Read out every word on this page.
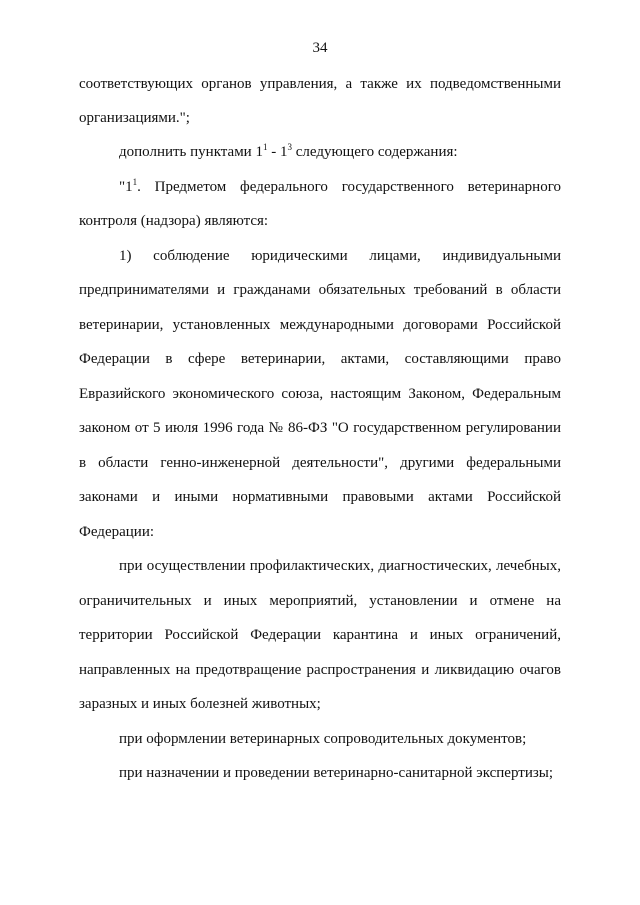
34
соответствующих органов управления, а также их подведомственными
организациями.";
дополнить пунктами $1^1 - 1^3$ следующего содержания:
"$1^1$. Предметом федерального государственного ветеринарного
контроля (надзора) являются:
1) соблюдение юридическими лицами, индивидуальными
предпринимателями и гражданами обязательных требований в области
ветеринарии, установленных международными договорами Российской
Федерации в сфере ветеринарии, актами, составляющими право
Евразийского экономического союза, настоящим Законом, Федеральным
законом от 5 июля 1996 года № 86-ФЗ "О государственном регулировании
в области генно-инженерной деятельности", другими федеральными
законами и иными нормативными правовыми актами Российской
Федерации:
при осуществлении профилактических, диагностических, лечебных,
ограничительных и иных мероприятий, установлении и отмене на
территории Российской Федерации карантина и иных ограничений,
направленных на предотвращение распространения и ликвидацию очагов
заразных и иных болезней животных;
при оформлении ветеринарных сопроводительных документов;
при назначении и проведении ветеринарно-санитарной экспертизы;
